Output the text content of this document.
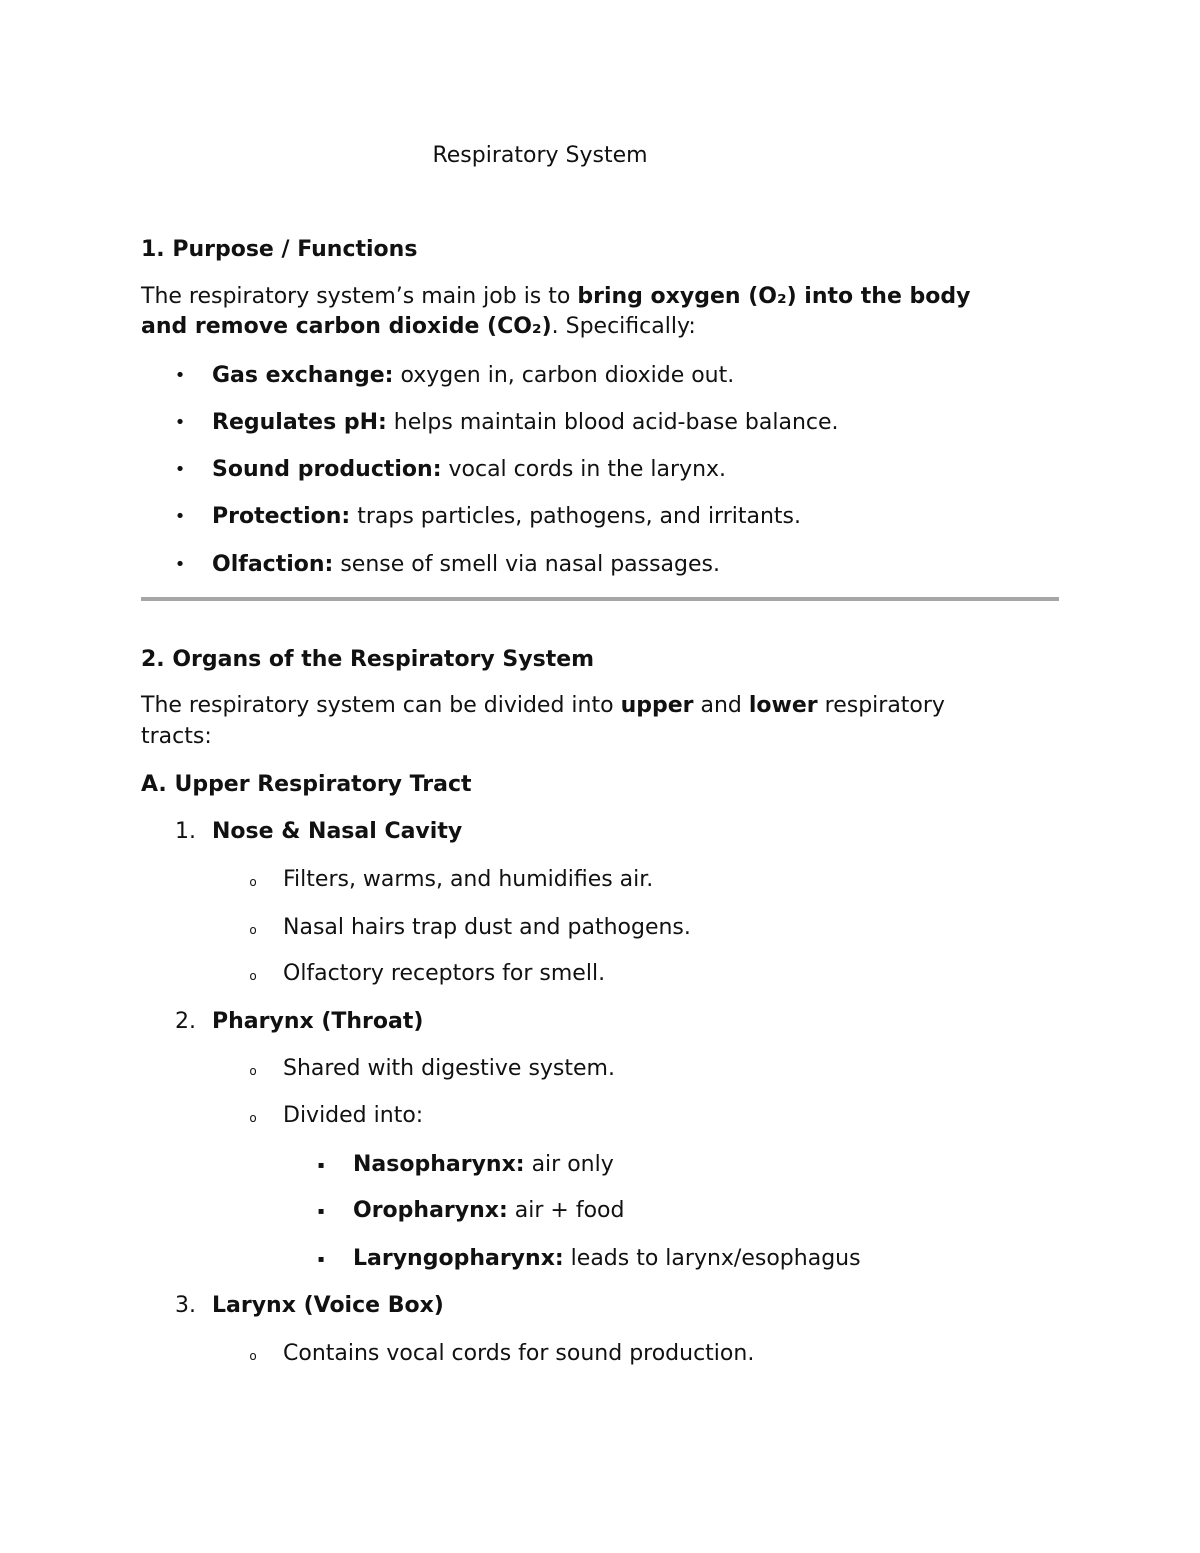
Respiratory System
1. Purpose / Functions
The respiratory system’s main job is to bring oxygen (O₂) into the body
and remove carbon dioxide (CO₂). Specifically:
• Gas exchange: oxygen in, carbon dioxide out.
• Regulates pH: helps maintain blood acid-base balance.
• Sound production: vocal cords in the larynx.
• Protection: traps particles, pathogens, and irritants.
• Olfaction: sense of smell via nasal passages.
2. Organs of the Respiratory System
The respiratory system can be divided into upper and lower respiratory
tracts:
A. Upper Respiratory Tract
1. Nose & Nasal Cavity
o Filters, warms, and humidifies air.
o Nasal hairs trap dust and pathogens.
o Olfactory receptors for smell.
2. Pharynx (Throat)
o Shared with digestive system.
o Divided into:
▪	Nasopharynx: air only
▪	Oropharynx: air + food
▪	Laryngopharynx: leads to larynx/esophagus
3. Larynx (Voice Box)
o Contains vocal cords for sound production.
